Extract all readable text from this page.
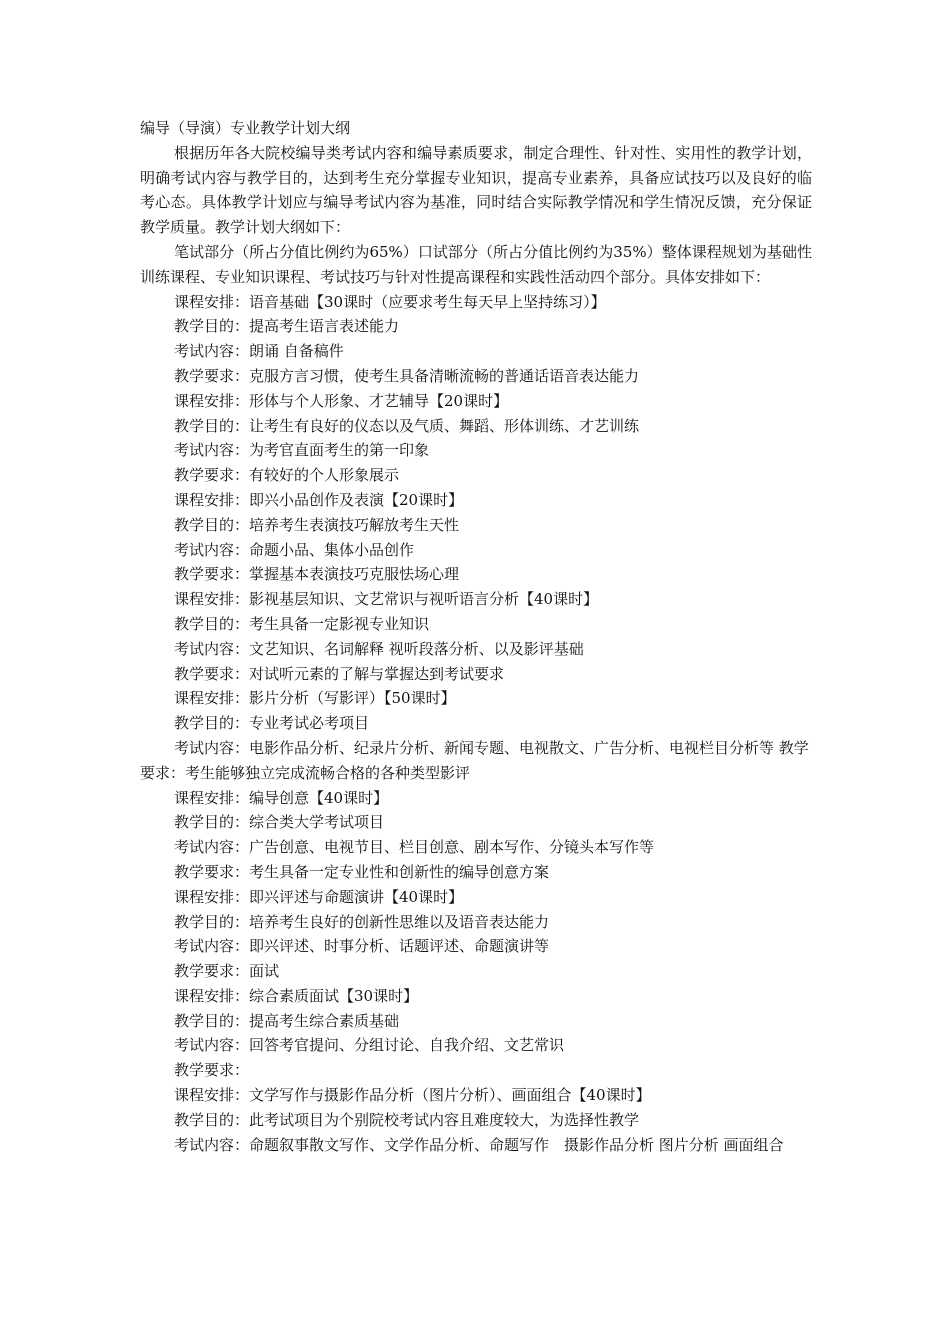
编导（导演）专业教学计划大纲

根据历年各大院校编导类考试内容和编导素质要求，制定合理性、针对性、实用性的教学计划，明确考试内容与教学目的，达到考生充分掌握专业知识，提高专业素养，具备应试技巧以及良好的临考心态。具体教学计划应与编导考试内容为基准，同时结合实际教学情况和学生情况反馈，充分保证教学质量。教学计划大纲如下：

笔试部分（所占分值比例约为65%）口试部分（所占分值比例约为35%）整体课程规划为基础性训练课程、专业知识课程、考试技巧与针对性提高课程和实践性活动四个部分。具体安排如下：

课程安排：语音基础【30课时（应要求考生每天早上坚持练习）】

教学目的：提高考生语言表述能力

考试内容：朗诵 自备稿件

教学要求：克服方言习惯，使考生具备清晰流畅的普通话语音表达能力

课程安排：形体与个人形象、才艺辅导【20课时】

教学目的：让考生有良好的仪态以及气质、舞蹈、形体训练、才艺训练

考试内容：为考官直面考生的第一印象

教学要求：有较好的个人形象展示

课程安排：即兴小品创作及表演【20课时】

教学目的：培养考生表演技巧解放考生天性

考试内容：命题小品、集体小品创作

教学要求：掌握基本表演技巧克服怯场心理

课程安排：影视基层知识、文艺常识与视听语言分析【40课时】

教学目的：考生具备一定影视专业知识

考试内容：文艺知识、名词解释 视听段落分析、以及影评基础

教学要求：对试听元素的了解与掌握达到考试要求

课程安排：影片分析（写影评）【50课时】

教学目的：专业考试必考项目

考试内容：电影作品分析、纪录片分析、新闻专题、电视散文、广告分析、电视栏目分析等 教学要求：考生能够独立完成流畅合格的各种类型影评

课程安排：编导创意【40课时】

教学目的：综合类大学考试项目

考试内容：广告创意、电视节目、栏目创意、剧本写作、分镜头本写作等

教学要求：考生具备一定专业性和创新性的编导创意方案

课程安排：即兴评述与命题演讲【40课时】

教学目的：培养考生良好的创新性思维以及语音表达能力

考试内容：即兴评述、时事分析、话题评述、命题演讲等

教学要求：面试

课程安排：综合素质面试【30课时】

教学目的：提高考生综合素质基础

考试内容：回答考官提问、分组讨论、自我介绍、文艺常识

教学要求：

课程安排：文学写作与摄影作品分析（图片分析）、画面组合【40课时】

教学目的：此考试项目为个别院校考试内容且难度较大，为选择性教学

考试内容：命题叙事散文写作、文学作品分析、命题写作　摄影作品分析 图片分析 画面组合
